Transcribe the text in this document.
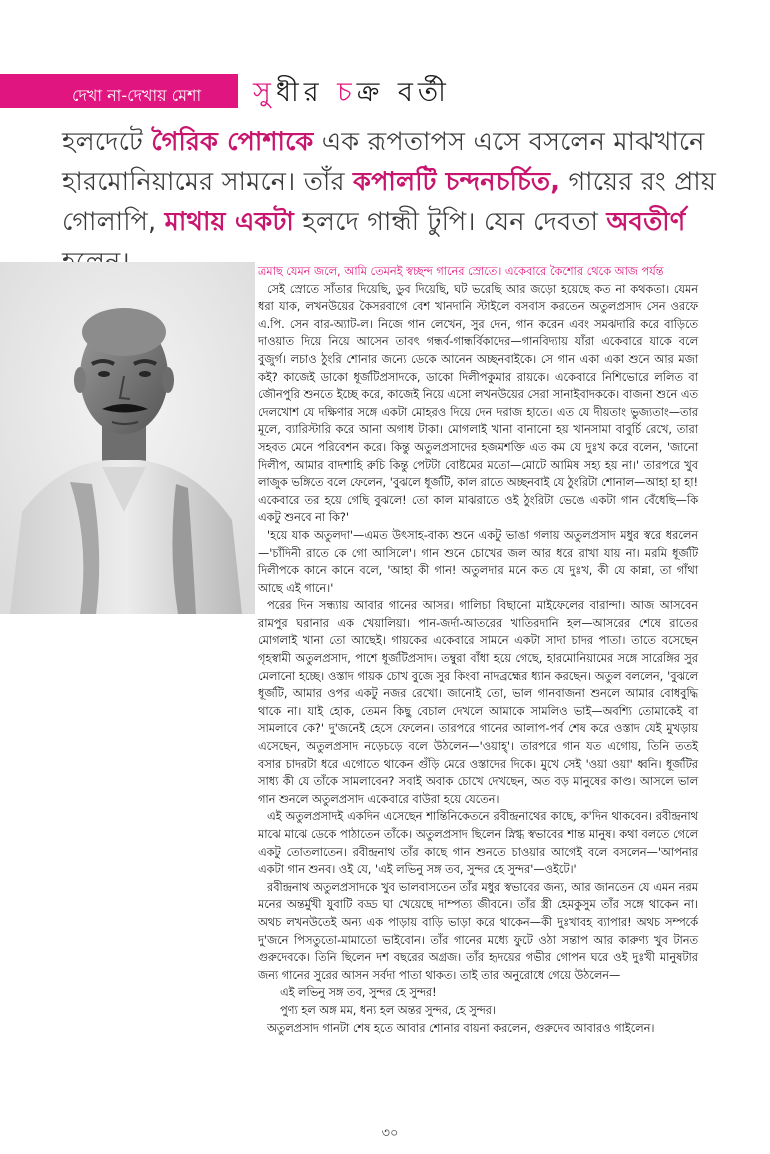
দেখা না-দেখায় মেশা সুধীর চক্র বর্তী
হলদেটে গৈরিক পোশাকে এক রূপতাপস এসে বসলেন মাঝখানে হারমোনিয়ামের সামনে। তাঁর কপালটি চন্দনচর্চিত, গায়ের রং প্রায় গোলাপি, মাথায় একটা হলদে গান্ধী টুপি। যেন দেবতা অবতীর্ণ

ত্রমাছ যেমন জলে, আমি তেমনই স্বচ্ছন্দ গানের স্রোতে। একেবারে কৈশোর থেকে আজ পর্যন্ত

সেই স্রোতে সাঁতার দিয়েছি, ডুব দিয়েছি, ঘট ভরেছি আর জড়ো হয়েছে কত না কথকতা। যেমন ধরা যাক, লখনউয়ের কৈসরবাগে বেশ খানদানি স্টাইলে বসবাস করতেন অতুলপ্রসাদ সেন ওরফে এ.পি. সেন বার-অ্যাট-ল। নিজে গান লেখেন, সুর দেন, গান করেন এবং সমঝদারি করে বাড়িতে দাওয়াত দিয়ে নিয়ে আসেন তাবৎ গন্ধর্ব-গান্ধর্বিকাদের—গানবিদ্যায় যাঁরা একেবারে যাকে বলে বুজুর্গ। লচাও ঠুংরি শোনার জন্যে ডেকে আনেন অচ্ছনবাইকে। সে গান একা একা শুনে আর মজা কই? কাজেই ডাকো ধূর্জটিপ্রসাদকে, ডাকো দিলীপকুমার রায়কে। একেবারে নিশিভোরে ললিত বা জৌনপুরি শুনতে ইচ্ছে করে, কাজেই নিয়ে এসো লখনউয়ের সেরা সানাইবাদককে। বাজনা শুনে এত দেলখোশ যে দক্ষিণার সঙ্গে একটা মোহরও দিয়ে দেন দরাজ হাতে। এত যে দীয়তাং ভুজ্যতাং—তার মূলে, ব্যারিস্টারি করে আনা অগাধ টাকা। মোগলাই খানা বানানো হয় খানসামা বাবুর্চি রেখে, তারা সহবত মেনে পরিবেশন করে। কিন্তু অতুলপ্রসাদের হজমশক্তি এত কম যে দুঃখ করে বলেন, 'জানো দিলীপ, আমার বাদশাহি রুচি কিন্তু পেটটা বোষ্টমের মতো—মোটে আমিষ সহ্য হয় না।' তারপরে খুব লাজুক ভঙ্গিতে বলে ফেলেন, 'বুঝলে ধূর্জটি, কাল রাতে অচ্ছনবাই যে ঠুংরিটা শোনাল—আহা হা হা! একেবারে তর হয়ে গেছি বুঝলে! তো কাল মাঝরাতে ওই ঠুংরিটা ভেঙে একটা গান বেঁধেছি—কি একটু শুনবে না কি?'

'হয়ে যাক অতুলদা'—এমত উৎসাহ-বাক্য শুনে একটু ভাঙা গলায় অতুলপ্রসাদ মধুর স্বরে ধরলেন—'চাঁদিনী রাতে কে গো আসিলে'। গান শুনে চোখের জল আর ধরে রাখা যায় না। মরমি ধূর্জটি দিলীপকে কানে কানে বলে, 'আহা কী গান! অতুলদার মনে কত যে দুঃখ, কী যে কান্না, তা গাঁথা আছে এই গানে।'

পরের দিন সন্ধ্যায় আবার গানের আসর। গালিচা বিছানো মাইফেলের বারান্দা। আজ আসবেন রামপুর ঘরানার এক খেয়ালিয়া। পান-জর্দা-আতরের খাতিরদানি হল—আসরের শেষে রাতের মোগলাই খানা তো আছেই। গায়কের একেবারে সামনে একটা সাদা চাদর পাতা। তাতে বসেছেন গৃহস্বামী অতুলপ্রসাদ, পাশে ধূর্জটিপ্রসাদ। তম্বুরা বাঁধা হয়ে গেছে, হারমোনিয়ামের সঙ্গে সারেঙ্গির সুর মেলানো হচ্ছে। ওস্তাদ গায়ক চোখ বুজে সুর কিংবা নাদব্রহ্মের ধ্যান করছেন। অতুল বললেন, 'বুঝলে ধূর্জটি, আমার ওপর একটু নজর রেখো। জানোই তো, ভাল গানবাজনা শুনলে আমার বোধবুদ্ধি থাকে না। যাই হোক, তেমন কিছু বেচাল দেখলে আমাকে সামলিও ভাই—অবশ্যি তোমাকেই বা সামলাবে কে?' দু'জনেই হেসে ফেলেন। তারপরে গানের আলাপ-পর্ব শেষ করে ওস্তাদ যেই মুখড়ায় এসেছেন, অতুলপ্রসাদ নড়েচড়ে বলে উঠলেন—'ওয়াহ্'। তারপরে গান যত এগোয়, তিনি ততই বসার চাদরটা ধরে এগোতে থাকেন গুঁড়ি মেরে ওস্তাদের দিকে। মুখে সেই 'ওয়া ওয়া' ধ্বনি। ধূর্জটির সাধ্য কী যে তাঁকে সামলাবেন? সবাই অবাক চোখে দেখছেন, অত বড় মানুষের কাণ্ড। আসলে ভাল গান শুনলে অতুলপ্রসাদ একেবারে বাউরা হয়ে যেতেন।

এই অতুলপ্রসাদই একদিন এসেছেন শান্তিনিকেতনে রবীন্দ্রনাথের কাছে, ক'দিন থাকবেন। রবীন্দ্রনাথ মাঝে মাঝে ডেকে পাঠাতেন তাঁকে। অতুলপ্রসাদ ছিলেন স্নিগ্ধ স্বভাবের শান্ত মানুষ। কথা বলতে গেলে একটু তোতলাতেন। রবীন্দ্রনাথ তাঁর কাছে গান শুনতে চাওয়ার আগেই বলে বসলেন—'আপনার একটা গান শুনব। ওই যে, 'এই লভিনু সঙ্গ তব, সুন্দর হে সুন্দর'—ওইটে।'

রবীন্দ্রনাথ অতুলপ্রসাদকে খুব ভালবাসতেন তাঁর মধুর স্বভাবের জন্য, আর জানতেন যে এমন নরম মনের অন্তর্মুখী যুবাটি বড্ড ঘা খেয়েছে দাম্পত্য জীবনে। তাঁর স্ত্রী হেমকুসুম তাঁর সঙ্গে থাকেন না। অথচ লখনউতেই অন্য এক পাড়ায় বাড়ি ভাড়া করে থাকেন—কী দুঃখাবহ ব্যাপার! অথচ সম্পর্কে দু'জনে পিসতুতো-মামাতো ভাইবোন। তাঁর গানের মধ্যে ফুটে ওঠা সন্তাপ আর কারুণ্য খুব টানত গুরুদেবকে। তিনি ছিলেন দশ বছরের অগ্রজ। তাঁর হৃদয়ের গভীর গোপন ঘরে ওই দুঃখী মানুষটার জন্য গানের সুরের আসন সর্বদা পাতা থাকত। তাই তার অনুরোধে গেয়ে উঠলেন—

এই লভিনু সঙ্গ তব, সুন্দর হে সুন্দর!

পুণ্য হল অঙ্গ মম, ধন্য হল অন্তর সুন্দর, হে সুন্দর।

অতুলপ্রসাদ গানটা শেষ হতে আবার শোনার বায়না করলেন, গুরুদেব আবারও গাইলেন।

৩০
